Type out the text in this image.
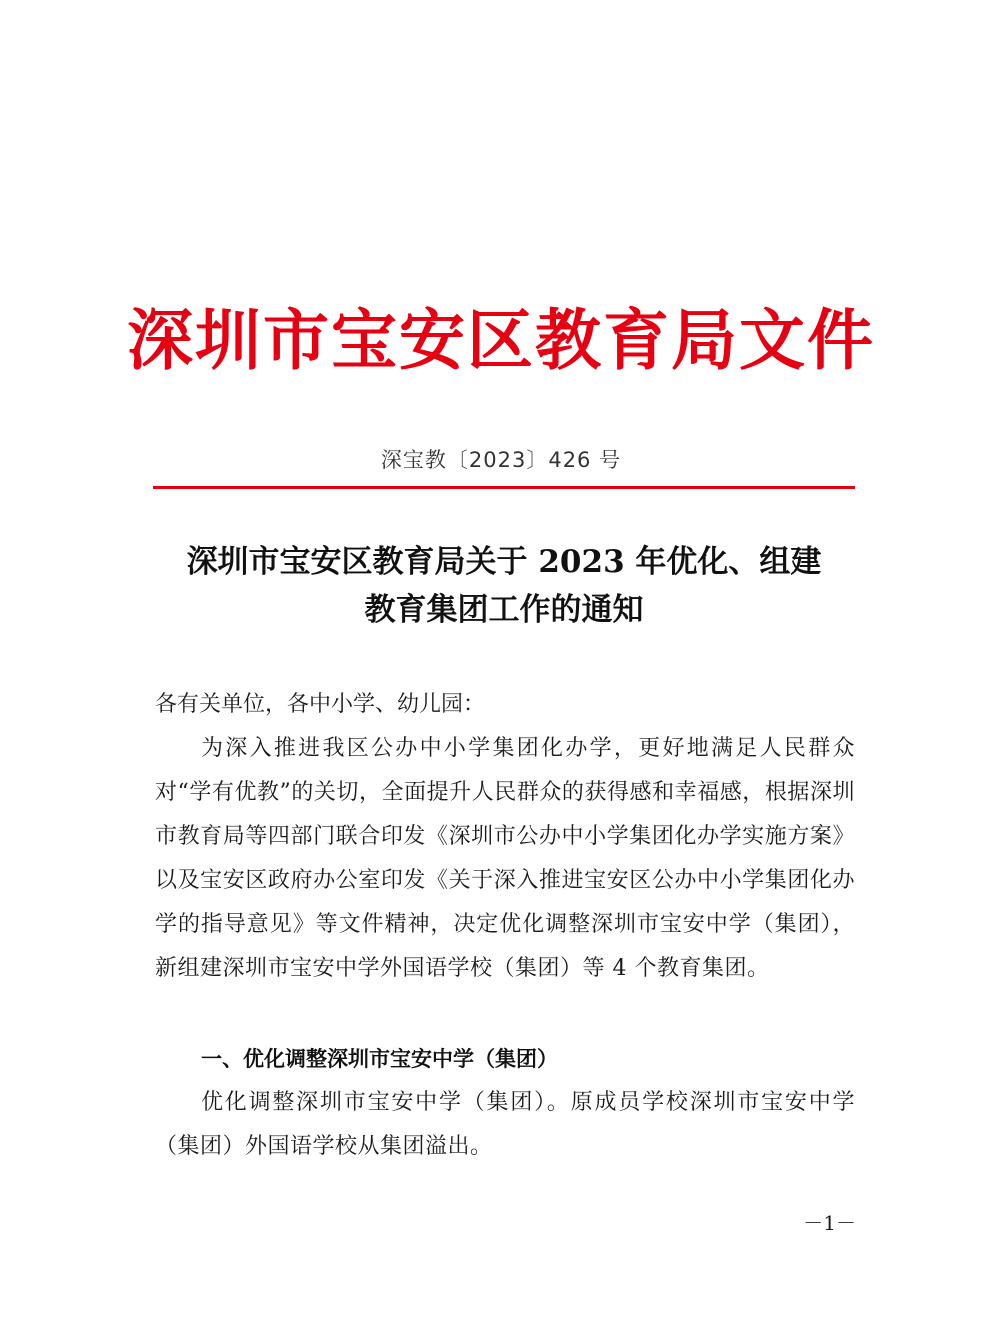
深圳市宝安区教育局文件
深宝教〔2023〕426 号
深圳市宝安区教育局关于 2023 年优化、组建
教育集团工作的通知
各有关单位，各中小学、幼儿园：
为深入推进我区公办中小学集团化办学，更好地满足人民群众对“学有优教”的关切，全面提升人民群众的获得感和幸福感，根据深圳市教育局等四部门联合印发《深圳市公办中小学集团化办学实施方案》以及宝安区政府办公室印发《关于深入推进宝安区公办中小学集团化办学的指导意见》等文件精神，决定优化调整深圳市宝安中学（集团），新组建深圳市宝安中学外国语学校（集团）等 4 个教育集团。
一、优化调整深圳市宝安中学（集团）
优化调整深圳市宝安中学（集团）。原成员学校深圳市宝安中学（集团）外国语学校从集团溢出。
－1－
